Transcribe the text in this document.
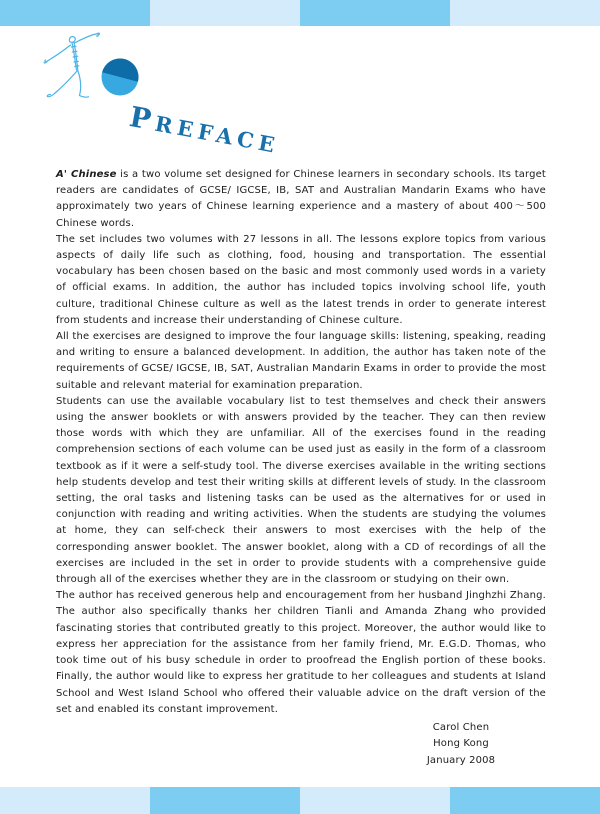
PREFACE

A' Chinese is a two volume set designed for Chinese learners in secondary schools. Its target readers are candidates of GCSE/ IGCSE, IB, SAT and Australian Mandarin Exams who have approximately two years of Chinese learning experience and a mastery of about 400～500 Chinese words.

The set includes two volumes with 27 lessons in all. The lessons explore topics from various aspects of daily life such as clothing, food, housing and transportation. The essential vocabulary has been chosen based on the basic and most commonly used words in a variety of official exams. In addition, the author has included topics involving school life, youth culture, traditional Chinese culture as well as the latest trends in order to generate interest from students and increase their understanding of Chinese culture.

All the exercises are designed to improve the four language skills: listening, speaking, reading and writing to ensure a balanced development. In addition, the author has taken note of the requirements of GCSE/ IGCSE, IB, SAT, Australian Mandarin Exams in order to provide the most suitable and relevant material for examination preparation.

Students can use the available vocabulary list to test themselves and check their answers using the answer booklets or with answers provided by the teacher. They can then review those words with which they are unfamiliar. All of the exercises found in the reading comprehension sections of each volume can be used just as easily in the form of a classroom textbook as if it were a self-study tool. The diverse exercises available in the writing sections help students develop and test their writing skills at different levels of study. In the classroom setting, the oral tasks and listening tasks can be used as the alternatives for or used in conjunction with reading and writing activities. When the students are studying the volumes at home, they can self-check their answers to most exercises with the help of the corresponding answer booklet. The answer booklet, along with a CD of recordings of all the exercises are included in the set in order to provide students with a comprehensive guide through all of the exercises whether they are in the classroom or studying on their own.

The author has received generous help and encouragement from her husband Jinghzhi Zhang. The author also specifically thanks her children Tianli and Amanda Zhang who provided fascinating stories that contributed greatly to this project. Moreover, the author would like to express her appreciation for the assistance from her family friend, Mr. E.G.D. Thomas, who took time out of his busy schedule in order to proofread the English portion of these books. Finally, the author would like to express her gratitude to her colleagues and students at Island School and West Island School who offered their valuable advice on the draft version of the set and enabled its constant improvement.

Carol Chen
Hong Kong
January 2008
